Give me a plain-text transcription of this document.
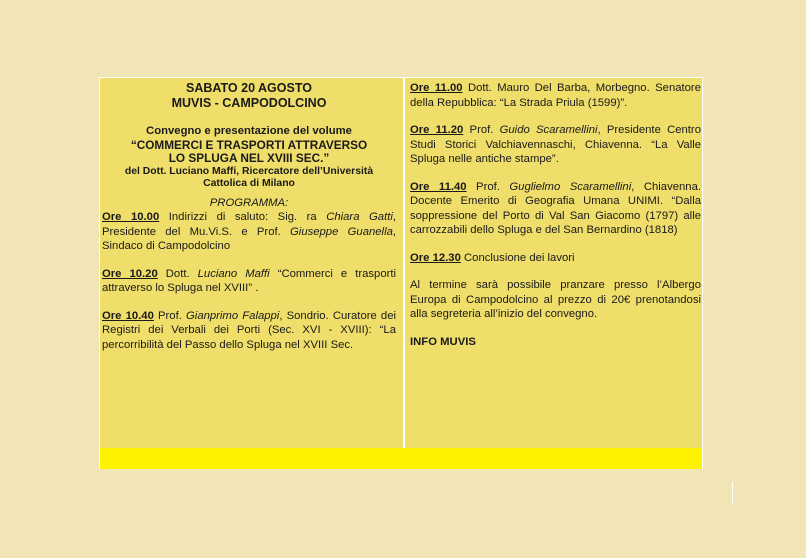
SABATO 20 AGOSTO
MUVIS - CAMPODOLCINO
Convegno e presentazione del volume
“COMMERCI E TRASPORTI ATTRAVERSO
LO SPLUGA NEL XVIII SEC.”
del Dott. Luciano Maffi, Ricercatore dell’Università
Cattolica di Milano
PROGRAMMA:

Ore 10.00 Indirizzi di saluto: Sig. ra Chiara Gatti, Presidente del Mu.Vi.S. e Prof. Giuseppe Guanella, Sindaco di Campodolcino

Ore 10.20 Dott. Luciano Maffi “Commerci e trasporti attraverso lo Spluga nel XVIII” .

Ore 10.40 Prof. Gianprimo Falappi, Sondrio. Curatore dei Registri dei Verbali dei Porti (Sec. XVI - XVIII): “La percorribilità del Passo dello Spluga nel XVIII Sec.

Ore 11.00 Dott. Mauro Del Barba, Morbegno. Senatore della Repubblica: “La Strada Priula (1599)”.

Ore 11.20 Prof. Guido Scaramellini, Presidente Centro Studi Storici Valchiavennaschi, Chiavenna. “La Valle Spluga nelle antiche stampe”.

Ore 11.40 Prof. Guglielmo Scaramellini, Chiavenna. Docente Emerito di Geografia Umana UNIMI. “Dalla soppressione del Porto di Val San Giacomo (1797) alle carrozzabili dello Spluga e del San Bernardino (1818)

Ore 12.30 Conclusione dei lavori

Al termine sarà possibile pranzare presso l’Albergo Europa di Campodolcino al prezzo di 20€ prenotandosi alla segreteria all’inizio del convegno.

INFO MUVIS
